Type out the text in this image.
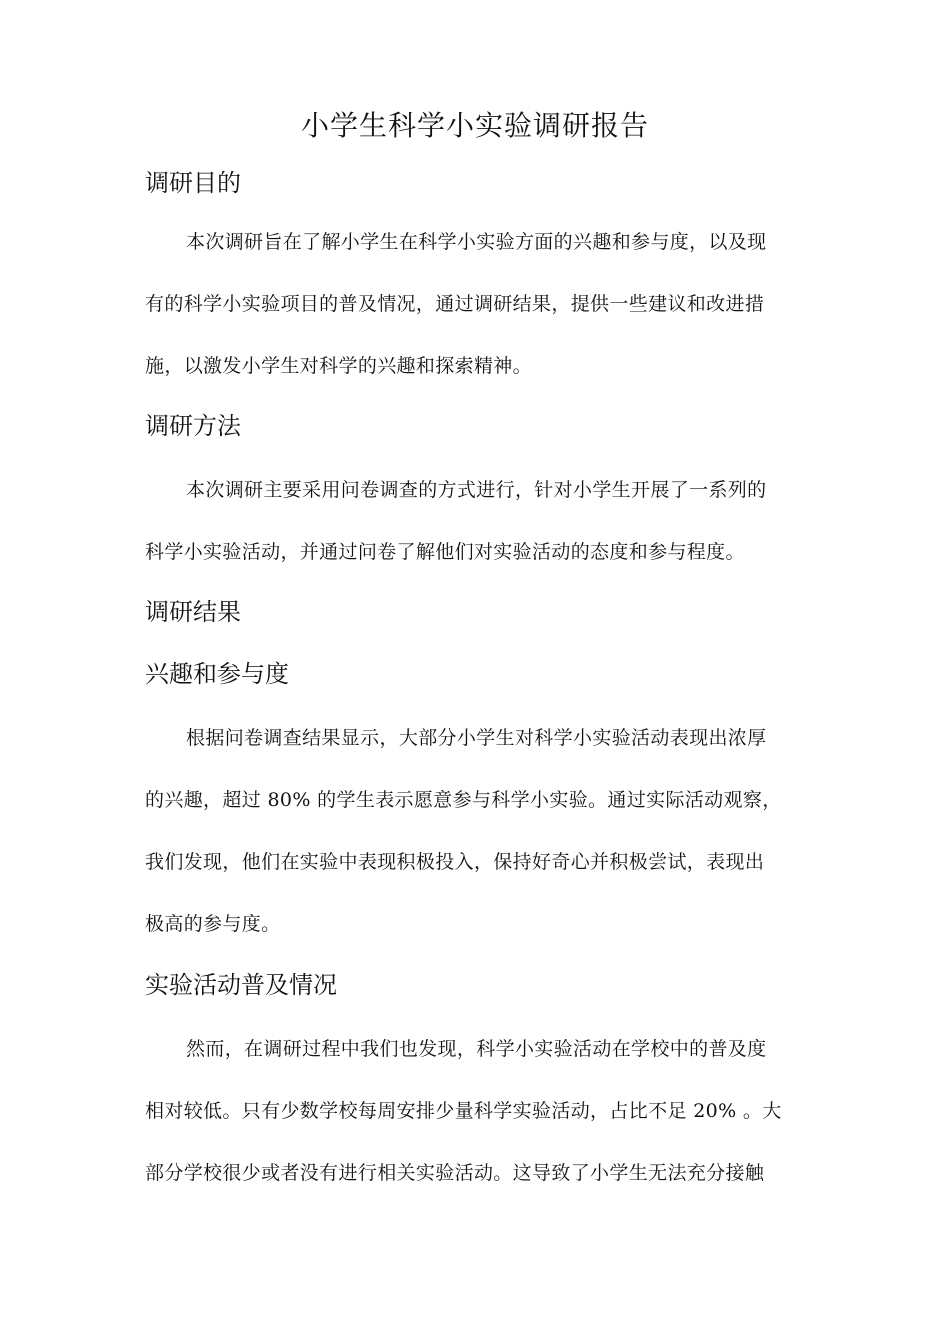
小学生科学小实验调研报告
调研目的
本次调研旨在了解小学生在科学小实验方面的兴趣和参与度，以及现
有的科学小实验项目的普及情况，通过调研结果，提供一些建议和改进措
施，以激发小学生对科学的兴趣和探索精神。
调研方法
本次调研主要采用问卷调查的方式进行，针对小学生开展了一系列的
科学小实验活动，并通过问卷了解他们对实验活动的态度和参与程度。
调研结果
兴趣和参与度
根据问卷调查结果显示，大部分小学生对科学小实验活动表现出浓厚
的兴趣，超过 80% 的学生表示愿意参与科学小实验。通过实际活动观察，
我们发现，他们在实验中表现积极投入，保持好奇心并积极尝试，表现出
极高的参与度。
实验活动普及情况
然而，在调研过程中我们也发现，科学小实验活动在学校中的普及度
相对较低。只有少数学校每周安排少量科学实验活动，占比不足 20% 。大
部分学校很少或者没有进行相关实验活动。这导致了小学生无法充分接触
